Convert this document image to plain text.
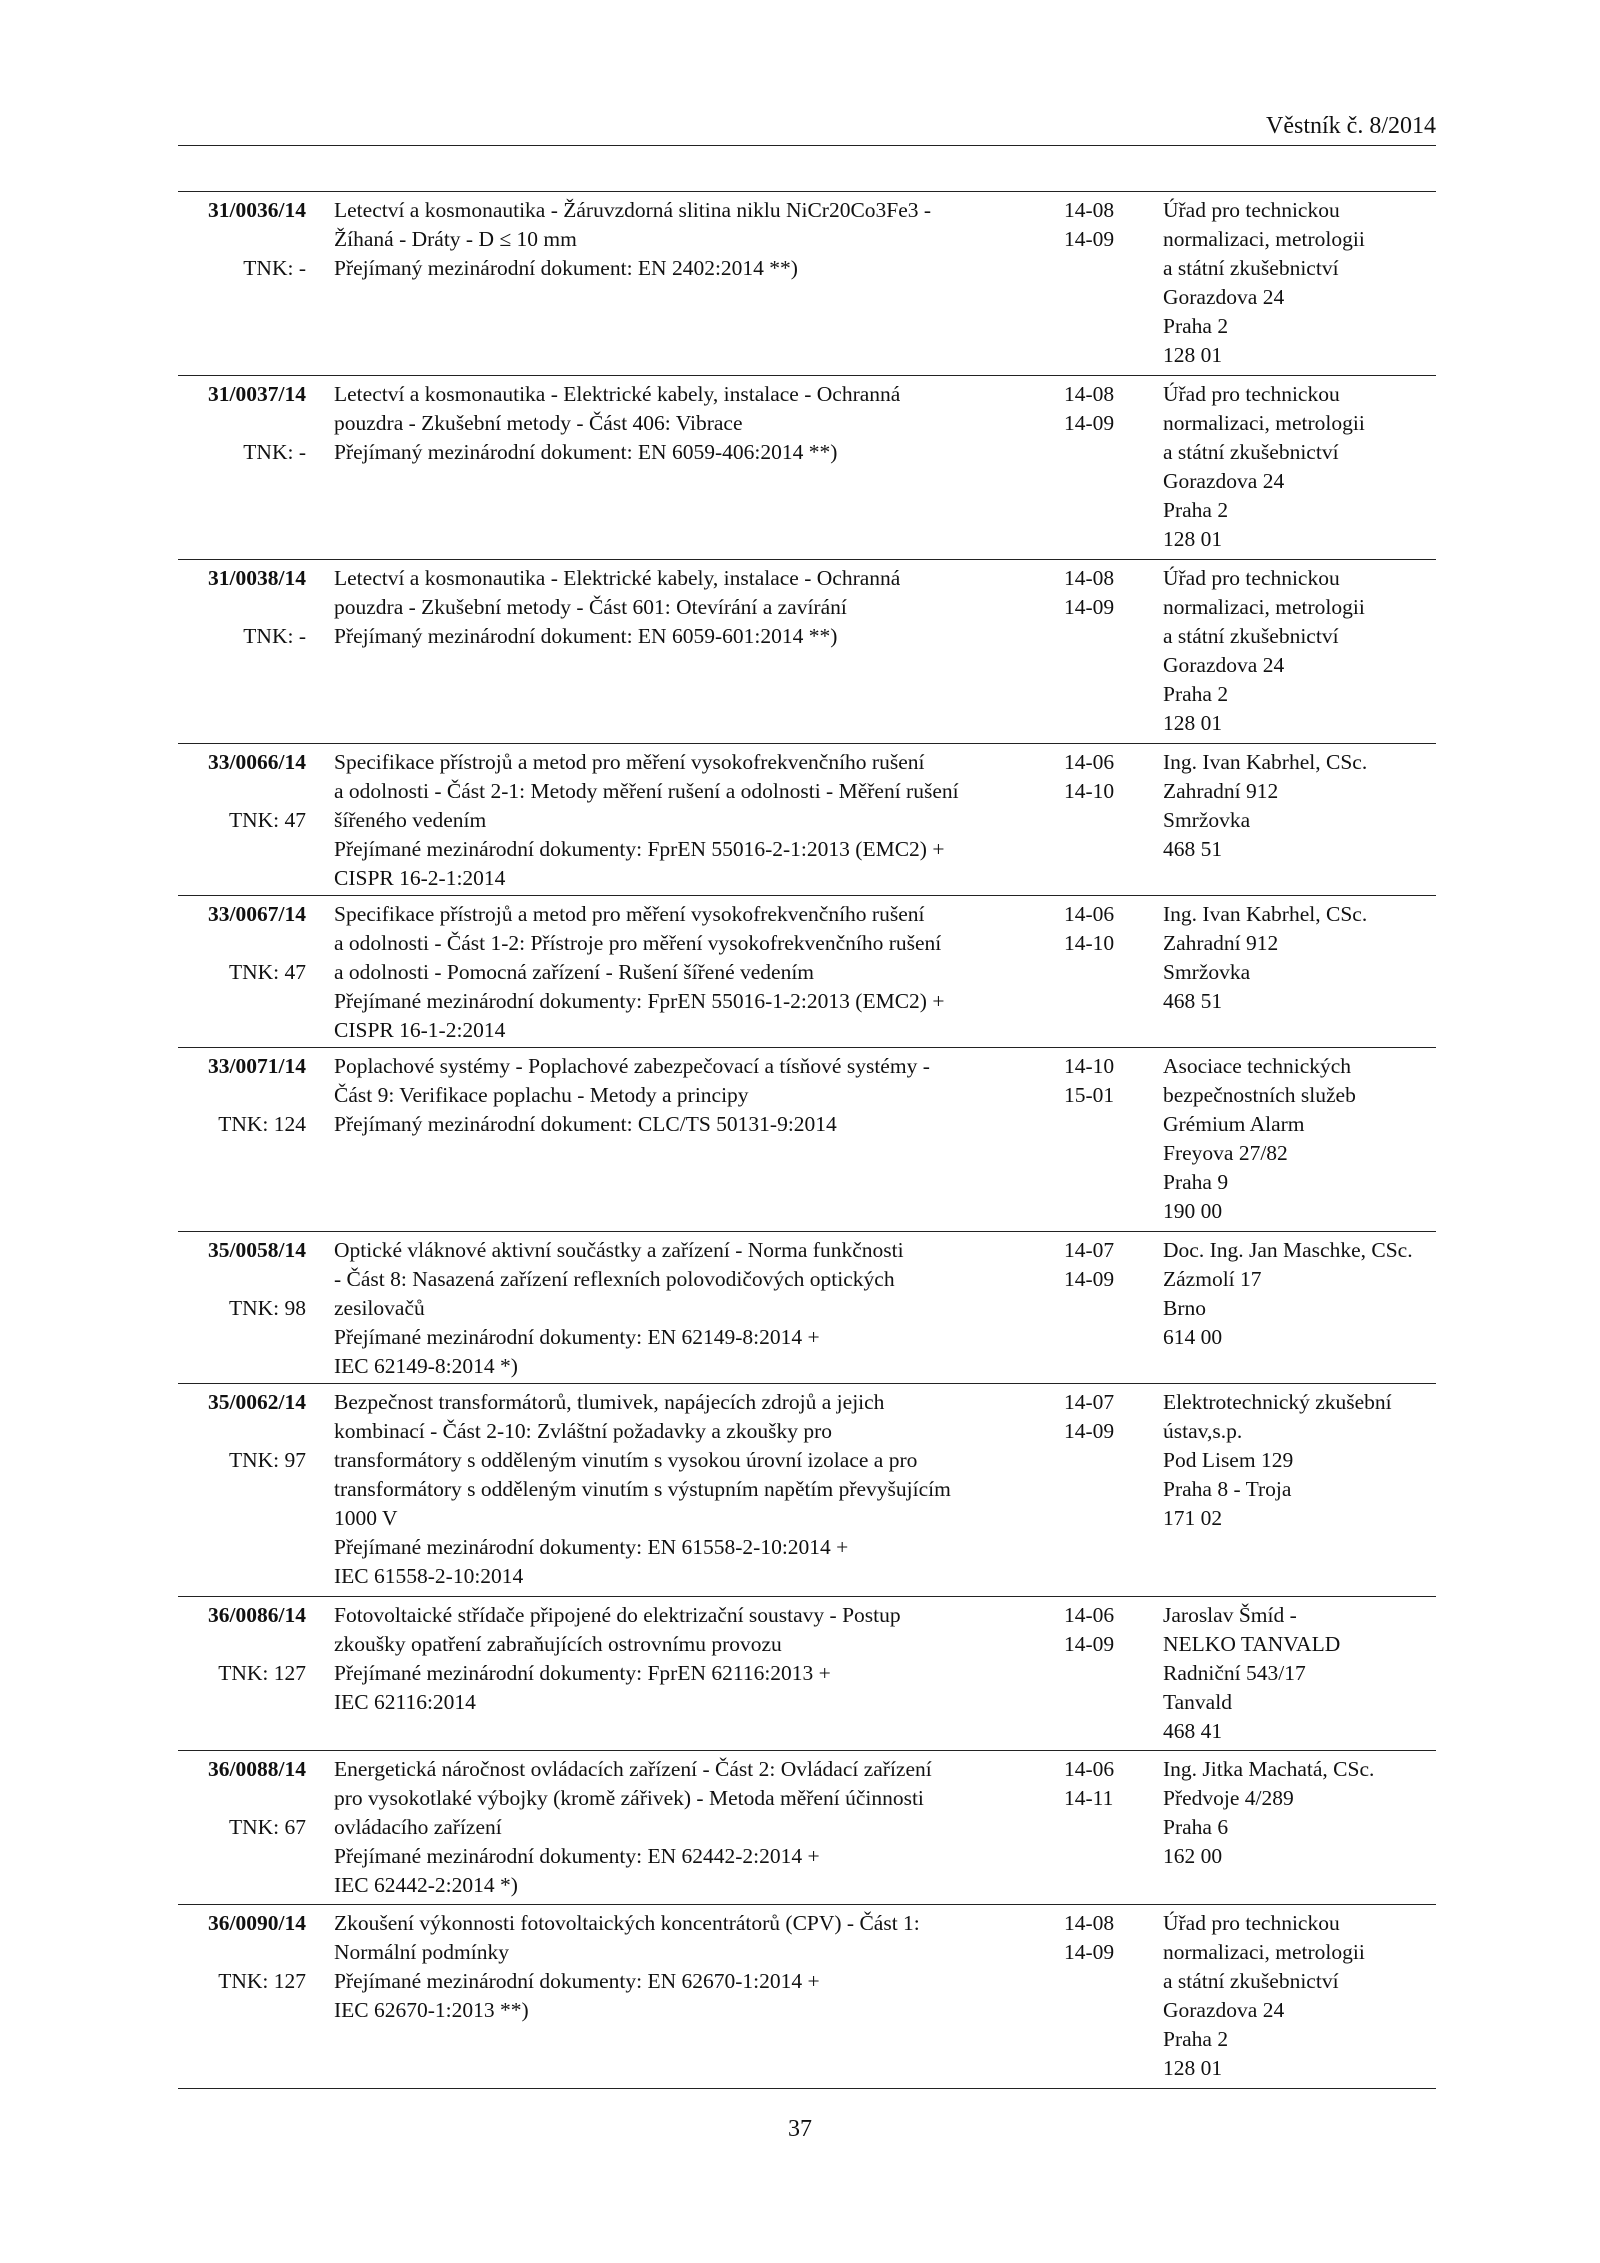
Věstník č. 8/2014
31/0036/14
TNK: -
Letectví a kosmonautika - Žáruvzdorná slitina niklu NiCr20Co3Fe3 -
Žíhaná - Dráty - D ≤ 10 mm
Přejímaný mezinárodní dokument: EN 2402:2014 **)
14-08
14-09
Úřad pro technickou
normalizaci, metrologii
a státní zkušebnictví
Gorazdova 24
Praha 2
128 01
31/0037/14
TNK: -
Letectví a kosmonautika - Elektrické kabely, instalace - Ochranná
pouzdra - Zkušební metody - Část 406: Vibrace
Přejímaný mezinárodní dokument: EN 6059-406:2014 **)
14-08
14-09
Úřad pro technickou
normalizaci, metrologii
a státní zkušebnictví
Gorazdova 24
Praha 2
128 01
31/0038/14
TNK: -
Letectví a kosmonautika - Elektrické kabely, instalace - Ochranná
pouzdra - Zkušební metody - Část 601: Otevírání a zavírání
Přejímaný mezinárodní dokument: EN 6059-601:2014 **)
14-08
14-09
Úřad pro technickou
normalizaci, metrologii
a státní zkušebnictví
Gorazdova 24
Praha 2
128 01
33/0066/14
TNK: 47
Specifikace přístrojů a metod pro měření vysokofrekvenčního rušení
a odolnosti - Část 2-1: Metody měření rušení a odolnosti - Měření rušení
šířeného vedením
Přejímané mezinárodní dokumenty: FprEN 55016-2-1:2013 (EMC2) +
CISPR 16-2-1:2014
14-06
14-10
Ing. Ivan Kabrhel, CSc.
Zahradní 912
Smržovka
468 51
33/0067/14
TNK: 47
Specifikace přístrojů a metod pro měření vysokofrekvenčního rušení
a odolnosti - Část 1-2: Přístroje pro měření vysokofrekvenčního rušení
a odolnosti - Pomocná zařízení - Rušení šířené vedením
Přejímané mezinárodní dokumenty: FprEN 55016-1-2:2013 (EMC2) +
CISPR 16-1-2:2014
14-06
14-10
Ing. Ivan Kabrhel, CSc.
Zahradní 912
Smržovka
468 51
33/0071/14
TNK: 124
Poplachové systémy - Poplachové zabezpečovací a tísňové systémy -
Část 9: Verifikace poplachu - Metody a principy
Přejímaný mezinárodní dokument: CLC/TS 50131-9:2014
14-10
15-01
Asociace technických
bezpečnostních služeb
Grémium Alarm
Freyova 27/82
Praha 9
190 00
35/0058/14
TNK: 98
Optické vláknové aktivní součástky a zařízení - Norma funkčnosti
- Část 8: Nasazená zařízení reflexních polovodičových optických
zesilovačů
Přejímané mezinárodní dokumenty: EN 62149-8:2014 +
IEC 62149-8:2014 *)
14-07
14-09
Doc. Ing. Jan Maschke, CSc.
Zázmolí 17
Brno
614 00
35/0062/14
TNK: 97
Bezpečnost transformátorů, tlumivek, napájecích zdrojů a jejich
kombinací - Část 2-10: Zvláštní požadavky a zkoušky pro
transformátory s odděleným vinutím s vysokou úrovní izolace a pro
transformátory s odděleným vinutím s výstupním napětím převyšujícím
1000 V
Přejímané mezinárodní dokumenty: EN 61558-2-10:2014 +
IEC 61558-2-10:2014
14-07
14-09
Elektrotechnický zkušební
ústav,s.p.
Pod Lisem 129
Praha 8 - Troja
171 02
36/0086/14
TNK: 127
Fotovoltaické střídače připojené do elektrizační soustavy - Postup
zkoušky opatření zabraňujících ostrovnímu provozu
Přejímané mezinárodní dokumenty: FprEN 62116:2013 +
IEC 62116:2014
14-06
14-09
Jaroslav Šmíd -
NELKO TANVALD
Radniční 543/17
Tanvald
468 41
36/0088/14
TNK: 67
Energetická náročnost ovládacích zařízení - Část 2: Ovládací zařízení
pro vysokotlaké výbojky (kromě zářivek) - Metoda měření účinnosti
ovládacího zařízení
Přejímané mezinárodní dokumenty: EN 62442-2:2014 +
IEC 62442-2:2014 *)
14-06
14-11
Ing. Jitka Machatá, CSc.
Předvoje 4/289
Praha 6
162 00
36/0090/14
TNK: 127
Zkoušení výkonnosti fotovoltaických koncentrátorů (CPV) - Část 1:
Normální podmínky
Přejímané mezinárodní dokumenty: EN 62670-1:2014 +
IEC 62670-1:2013 **)
14-08
14-09
Úřad pro technickou
normalizaci, metrologii
a státní zkušebnictví
Gorazdova 24
Praha 2
128 01
37
